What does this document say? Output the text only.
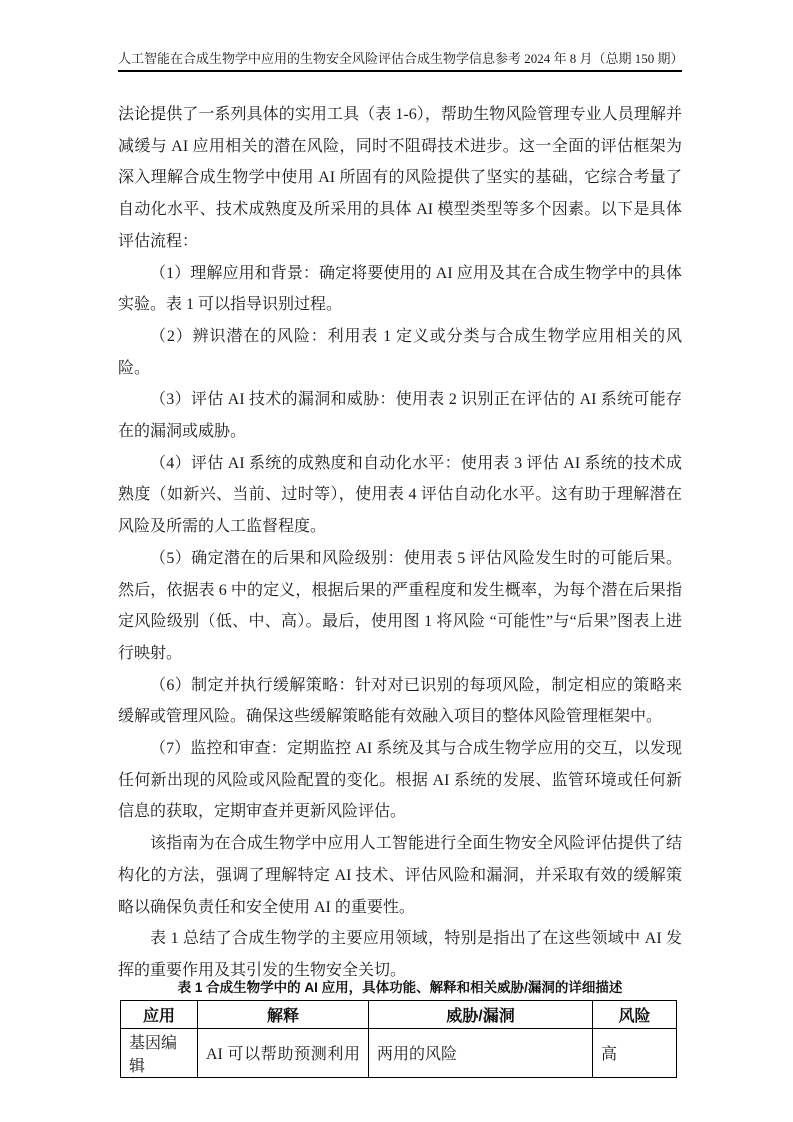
人工智能在合成生物学中应用的生物安全风险评估 合成生物学信息参考 2024 年 8 月（总期 150 期）

法论提供了一系列具体的实用工具（表 1-6），帮助生物风险管理专业人员理解并减缓与 AI 应用相关的潜在风险，同时不阻碍技术进步。这一全面的评估框架为深入理解合成生物学中使用 AI 所固有的风险提供了坚实的基础，它综合考量了自动化水平、技术成熟度及所采用的具体 AI 模型类型等多个因素。以下是具体评估流程：

（1）理解应用和背景：确定将要使用的 AI 应用及其在合成生物学中的具体实验。表 1 可以指导识别过程。

（2）辨识潜在的风险：利用表 1 定义或分类与合成生物学应用相关的风险。

（3）评估 AI 技术的漏洞和威胁：使用表 2 识别正在评估的 AI 系统可能存在的漏洞或威胁。

（4）评估 AI 系统的成熟度和自动化水平：使用表 3 评估 AI 系统的技术成熟度（如新兴、当前、过时等），使用表 4 评估自动化水平。这有助于理解潜在风险及所需的人工监督程度。

（5）确定潜在的后果和风险级别：使用表 5 评估风险发生时的可能后果。然后，依据表 6 中的定义，根据后果的严重程度和发生概率，为每个潜在后果指定风险级别（低、中、高）。最后，使用图 1 将风险 “可能性”与“后果”图表上进行映射。

（6）制定并执行缓解策略：针对对已识别的每项风险，制定相应的策略来缓解或管理风险。确保这些缓解策略能有效融入项目的整体风险管理框架中。

（7）监控和审查：定期监控 AI 系统及其与合成生物学应用的交互，以发现任何新出现的风险或风险配置的变化。根据 AI 系统的发展、监管环境或任何新信息的获取，定期审查并更新风险评估。

该指南为在合成生物学中应用人工智能进行全面生物安全风险评估提供了结构化的方法，强调了理解特定 AI 技术、评估风险和漏洞，并采取有效的缓解策略以确保负责任和安全使用 AI 的重要性。

表 1 总结了合成生物学的主要应用领域，特别是指出了在这些领域中 AI 发挥的重要作用及其引发的生物安全关切。

表 1 合成生物学中的 AI 应用，具体功能、解释和相关威胁/漏洞的详细描述
应用	解释	威胁/漏洞	风险
基因编辑	AI 可以帮助预测利用	两用的风险	高
